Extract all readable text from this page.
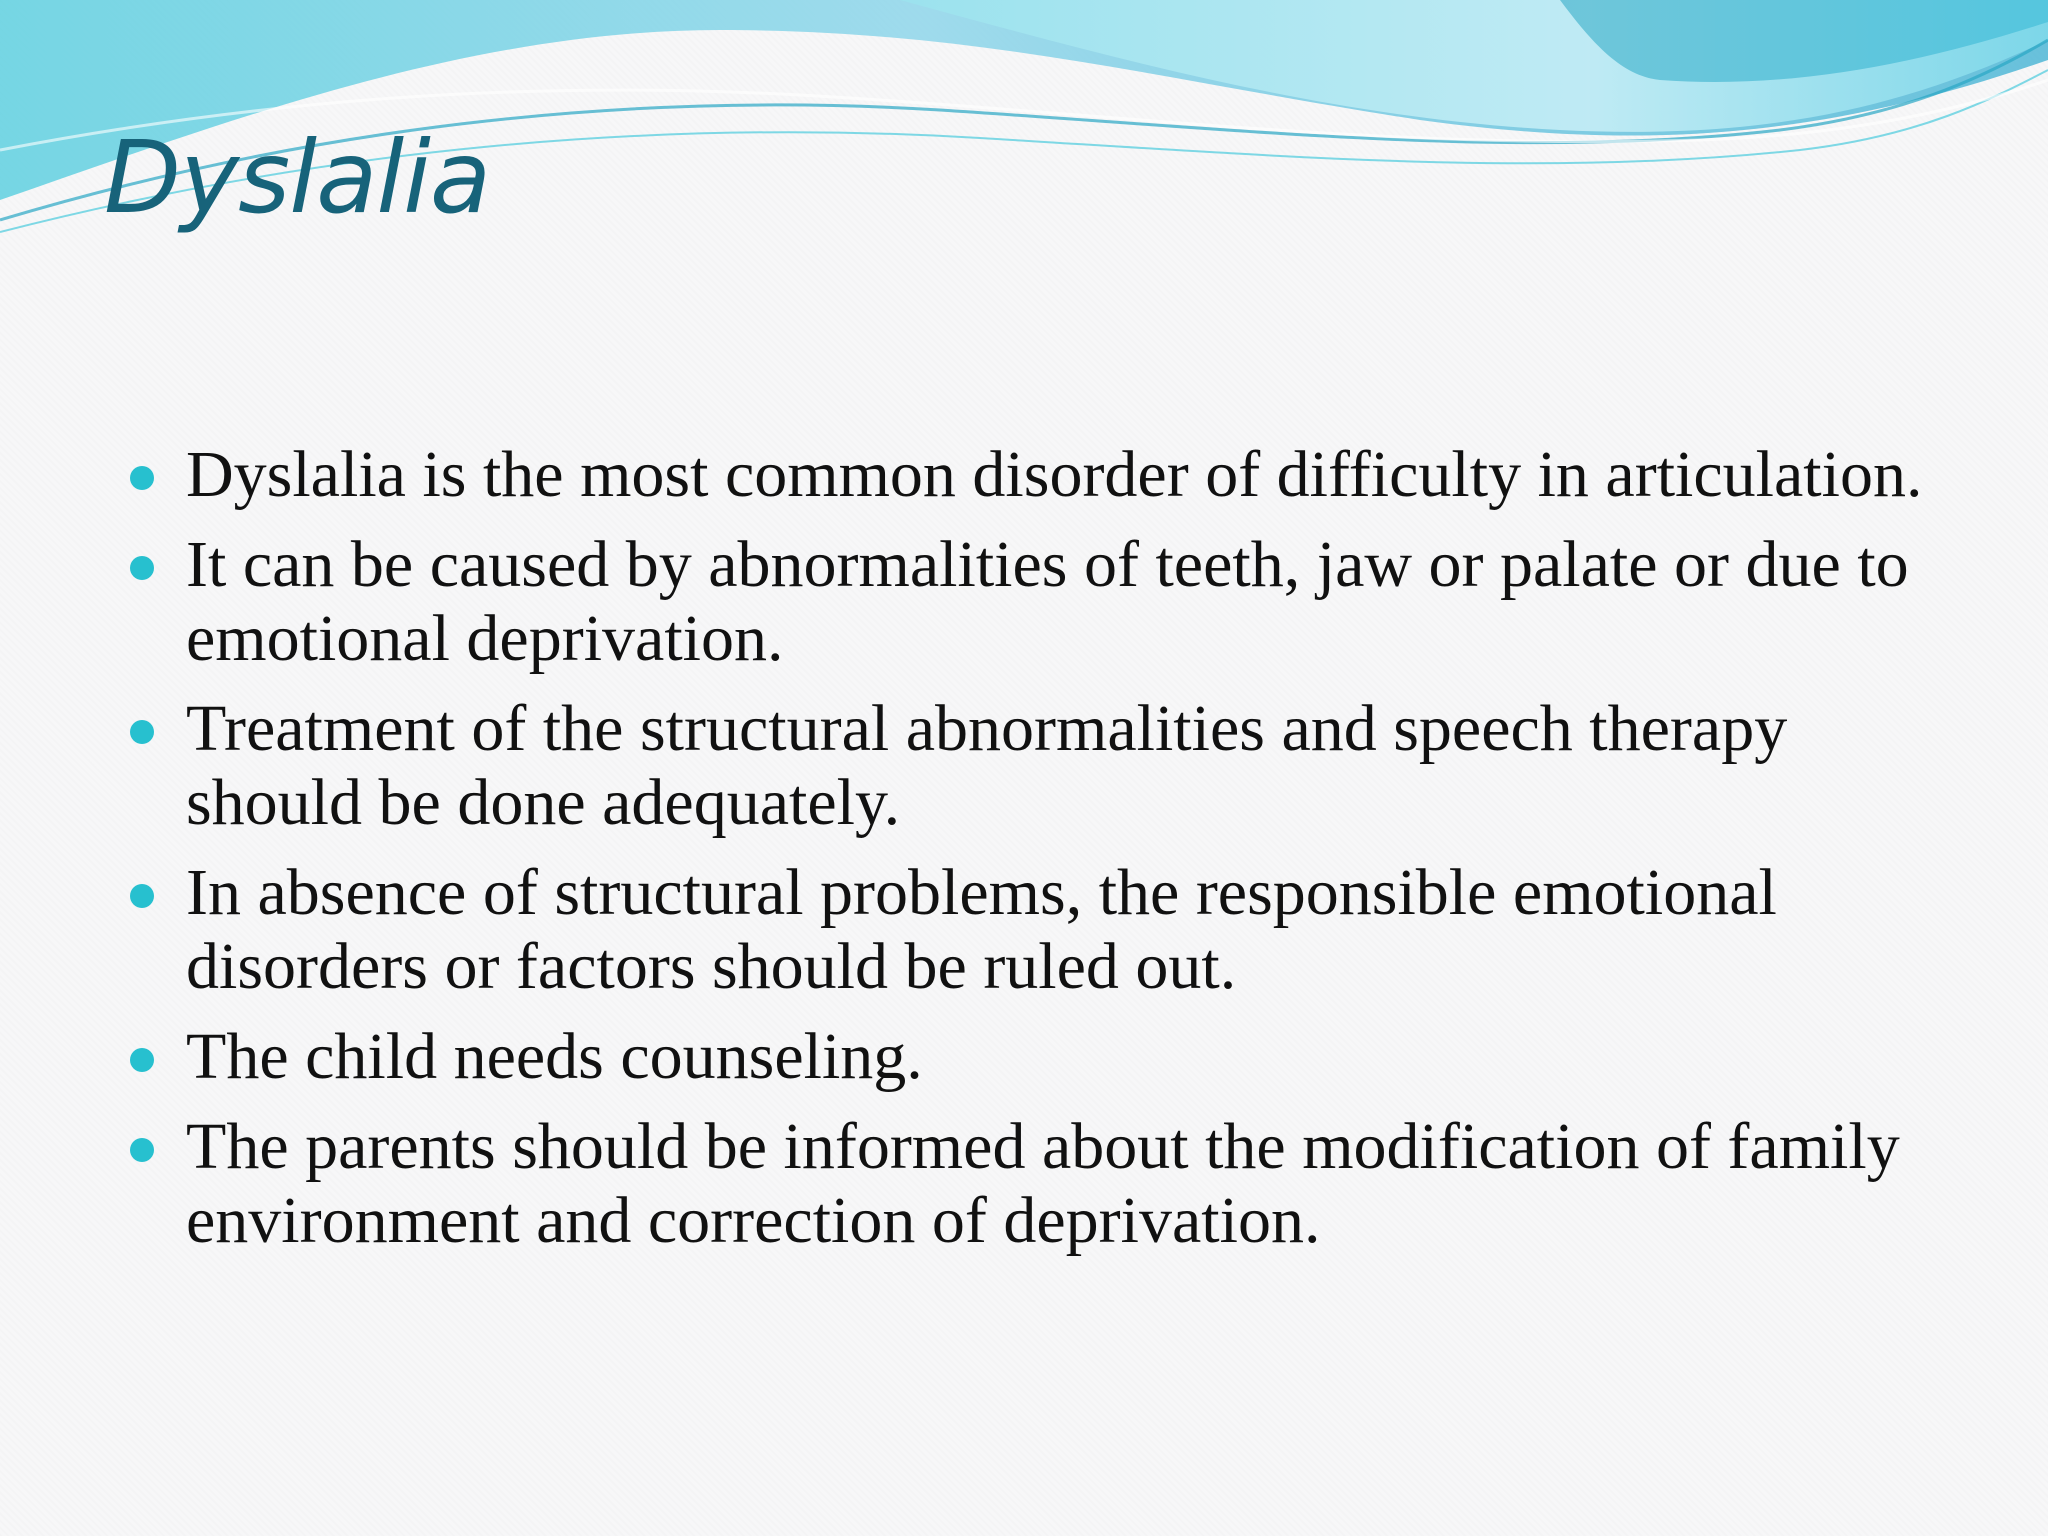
Dyslalia
Dyslalia is the most common disorder of difficulty in articulation.
It can be caused by abnormalities of teeth, jaw or palate or due to emotional deprivation.
Treatment of the structural abnormalities and speech therapy should be done adequately.
In absence of structural problems, the responsible emotional disorders or factors should be ruled out.
The child needs counseling.
The parents should be informed about the modification of family environment and correction of deprivation.
